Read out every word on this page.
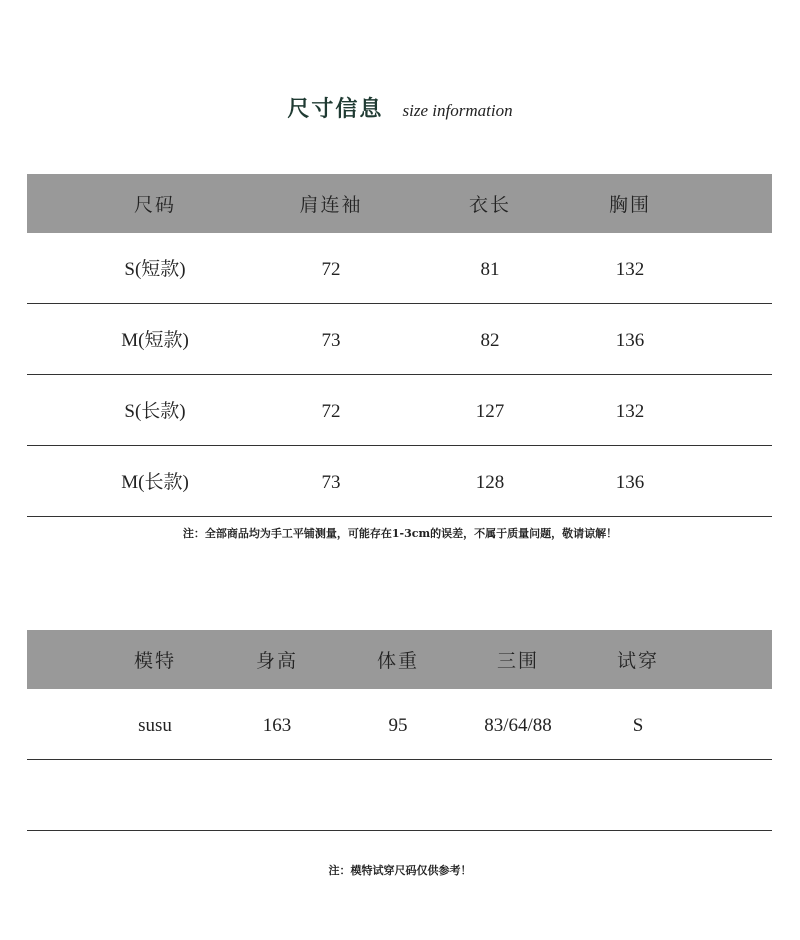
尺寸信息 size information
尺码	肩连袖	衣长	胸围
S(短款)	72	81	132
M(短款)	73	82	136
S(长款)	72	127	132
M(长款)	73	128	136
注：全部商品均为手工平铺测量，可能存在1-3cm的误差，不属于质量问题，敬请谅解！
模特	身高	体重	三围	试穿
susu	163	95	83/64/88	S
注：模特试穿尺码仅供参考！
